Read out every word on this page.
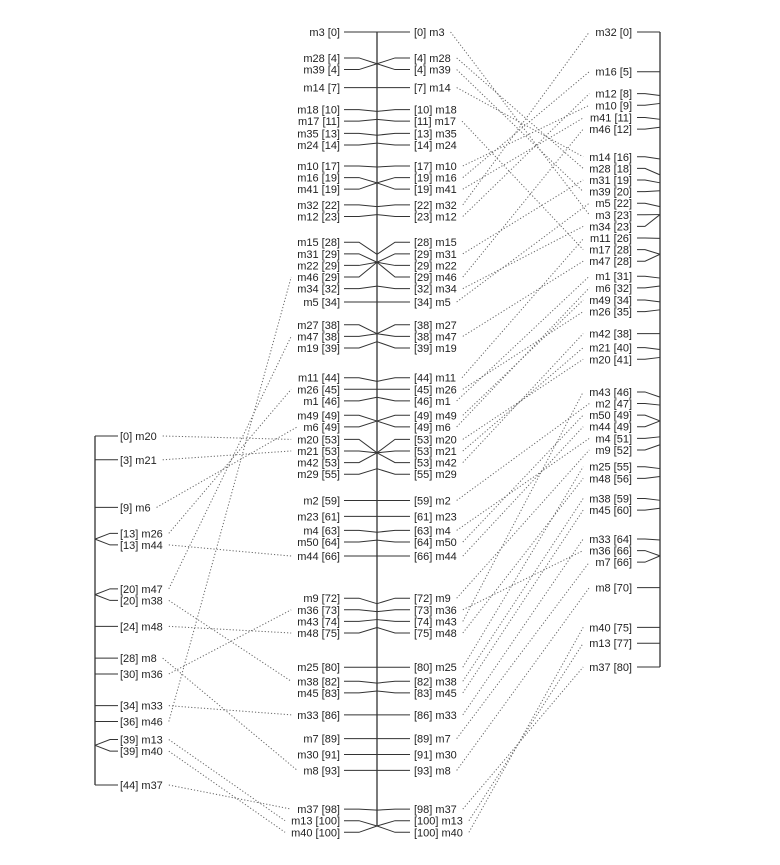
[0] m20
[3] m21
[9] m6
[13] m26
[13] m44
[20] m47
[20] m38
[24] m48
[28] m8
[30] m36
[34] m33
[36] m46
[39] m13
[39] m40
[44] m37
m3 [0]	[0] m3
m28 [4]	[4] m28
m39 [4]	[4] m39
m14 [7]	[7] m14
m18 [10]	[10] m18
m17 [11]	[11] m17
m35 [13]	[13] m35
m24 [14]	[14] m24
m10 [17]	[17] m10
m16 [19]	[19] m16
m41 [19]	[19] m41
m32 [22]	[22] m32
m12 [23]	[23] m12
m15 [28]	[28] m15
m31 [29]	[29] m31
m22 [29]	[29] m22
m46 [29]	[29] m46
m34 [32]	[32] m34
m5 [34]	[34] m5
m27 [38]	[38] m27
m47 [38]	[38] m47
m19 [39]	[39] m19
m11 [44]	[44] m11
m26 [45]	[45] m26
m1 [46]	[46] m1
m49 [49]	[49] m49
m6 [49]	[49] m6
m20 [53]	[53] m20
m21 [53]	[53] m21
m42 [53]	[53] m42
m29 [55]	[55] m29
m2 [59]	[59] m2
m23 [61]	[61] m23
m4 [63]	[63] m4
m50 [64]	[64] m50
m44 [66]	[66] m44
m9 [72]	[72] m9
m36 [73]	[73] m36
m43 [74]	[74] m43
m48 [75]	[75] m48
m25 [80]	[80] m25
m38 [82]	[82] m38
m45 [83]	[83] m45
m33 [86]	[86] m33
m7 [89]	[89] m7
m30 [91]	[91] m30
m8 [93]	[93] m8
m37 [98]	[98] m37
m13 [100]	[100] m13
m40 [100]	[100] m40
m32 [0]
m16 [5]
m12 [8]
m10 [9]
m41 [11]
m46 [12]
m14 [16]
m28 [18]
m31 [19]
m39 [20]
m5 [22]
m3 [23]
m34 [23]
m11 [26]
m17 [28]
m47 [28]
m1 [31]
m6 [32]
m49 [34]
m26 [35]
m42 [38]
m21 [40]
m20 [41]
m43 [46]
m2 [47]
m50 [49]
m44 [49]
m4 [51]
m9 [52]
m25 [55]
m48 [56]
m38 [59]
m45 [60]
m33 [64]
m36 [66]
m7 [66]
m8 [70]
m40 [75]
m13 [77]
m37 [80]
